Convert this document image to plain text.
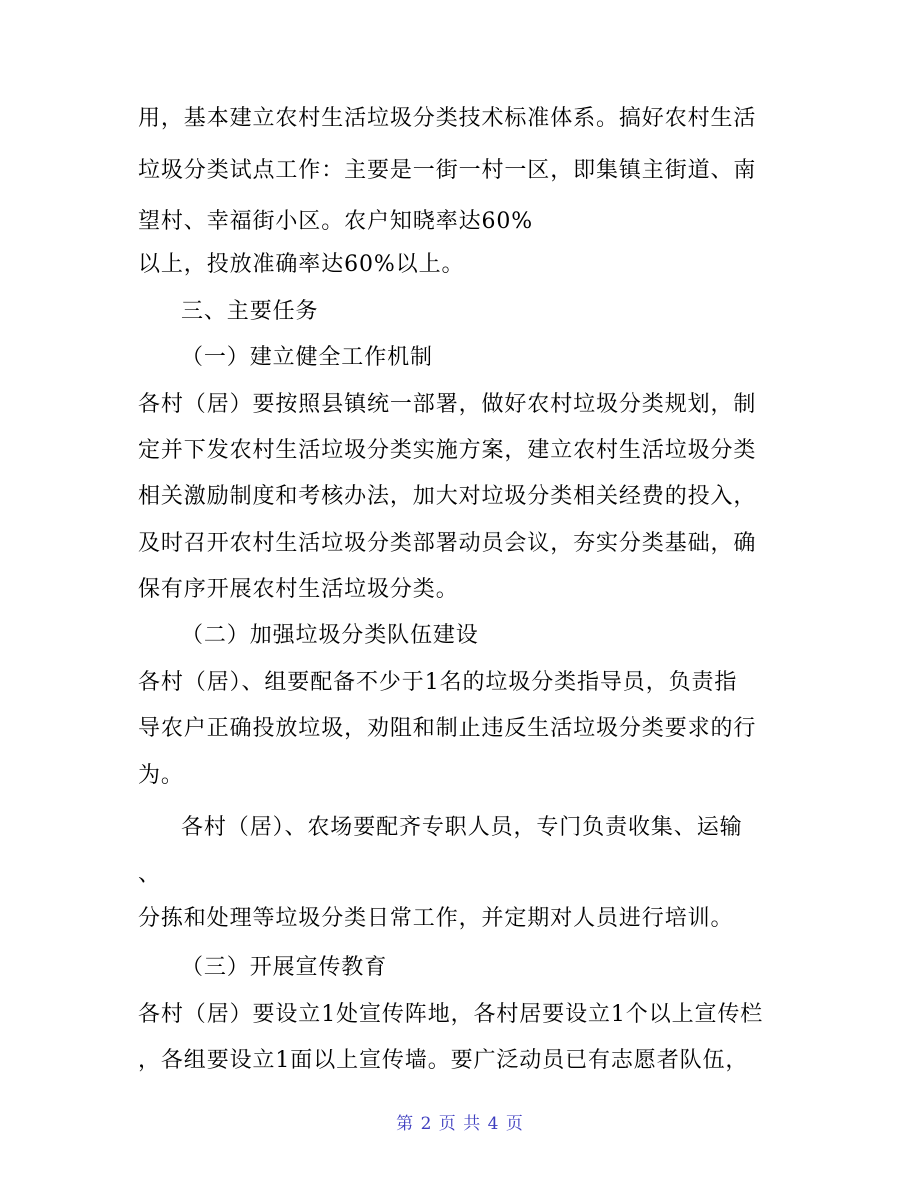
用，基本建立农村生活垃圾分类技术标准体系。搞好农村生活
垃圾分类试点工作：主要是一街一村一区，即集镇主街道、南
望村、幸福街小区。农户知晓率达60%
以上，投放准确率达60%以上。
三、主要任务
（一）建立健全工作机制
各村（居）要按照县镇统一部署，做好农村垃圾分类规划，制
定并下发农村生活垃圾分类实施方案，建立农村生活垃圾分类
相关激励制度和考核办法，加大对垃圾分类相关经费的投入，
及时召开农村生活垃圾分类部署动员会议，夯实分类基础，确
保有序开展农村生活垃圾分类。
（二）加强垃圾分类队伍建设
各村（居）、组要配备不少于1名的垃圾分类指导员，负责指
导农户正确投放垃圾，劝阻和制止违反生活垃圾分类要求的行
为。
各村（居）、农场要配齐专职人员，专门负责收集、运输
、
分拣和处理等垃圾分类日常工作，并定期对人员进行培训。
（三）开展宣传教育
各村（居）要设立1处宣传阵地，各村居要设立1个以上宣传栏
，各组要设立1面以上宣传墙。要广泛动员已有志愿者队伍，
第 2 页 共 4 页
